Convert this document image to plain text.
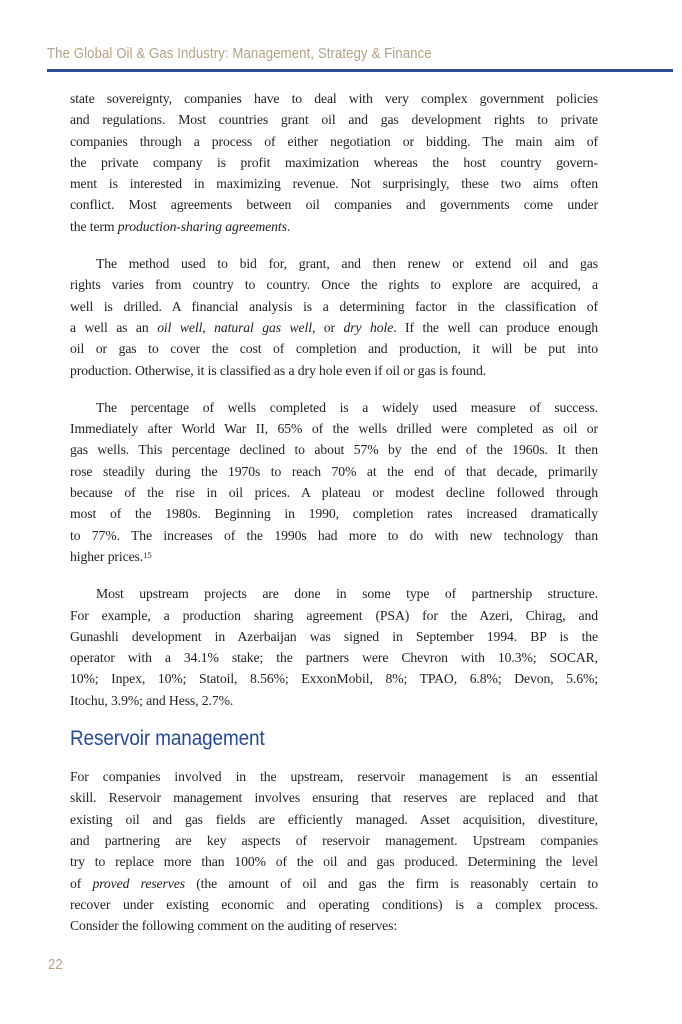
The Global Oil & Gas Industry: Management, Strategy & Finance
state sovereignty, companies have to deal with very complex government policies
and regulations. Most countries grant oil and gas development rights to private
companies through a process of either negotiation or bidding. The main aim of
the private company is profit maximization whereas the host country govern-
ment is interested in maximizing revenue. Not surprisingly, these two aims often
conflict. Most agreements between oil companies and governments come under
the term production-sharing agreements.
The method used to bid for, grant, and then renew or extend oil and gas
rights varies from country to country. Once the rights to explore are acquired, a
well is drilled. A financial analysis is a determining factor in the classification of
a well as an oil well, natural gas well, or dry hole. If the well can produce enough
oil or gas to cover the cost of completion and production, it will be put into
production. Otherwise, it is classified as a dry hole even if oil or gas is found.
The percentage of wells completed is a widely used measure of success.
Immediately after World War II, 65% of the wells drilled were completed as oil or
gas wells. This percentage declined to about 57% by the end of the 1960s. It then
rose steadily during the 1970s to reach 70% at the end of that decade, primarily
because of the rise in oil prices. A plateau or modest decline followed through
most of the 1980s. Beginning in 1990, completion rates increased dramatically
to 77%. The increases of the 1990s had more to do with new technology than
higher prices.$^{15}$
Most upstream projects are done in some type of partnership structure.
For example, a production sharing agreement (PSA) for the Azeri, Chirag, and
Gunashli development in Azerbaijan was signed in September 1994. BP is the
operator with a 34.1% stake; the partners were Chevron with 10.3%; SOCAR,
10%; Inpex, 10%; Statoil, 8.56%; ExxonMobil, 8%; TPAO, 6.8%; Devon, 5.6%;
Itochu, 3.9%; and Hess, 2.7%.
Reservoir management
For companies involved in the upstream, reservoir management is an essential
skill. Reservoir management involves ensuring that reserves are replaced and that
existing oil and gas fields are efficiently managed. Asset acquisition, divestiture,
and partnering are key aspects of reservoir management. Upstream companies
try to replace more than 100% of the oil and gas produced. Determining the level
of proved reserves (the amount of oil and gas the firm is reasonably certain to
recover under existing economic and operating conditions) is a complex process.
Consider the following comment on the auditing of reserves:
22
